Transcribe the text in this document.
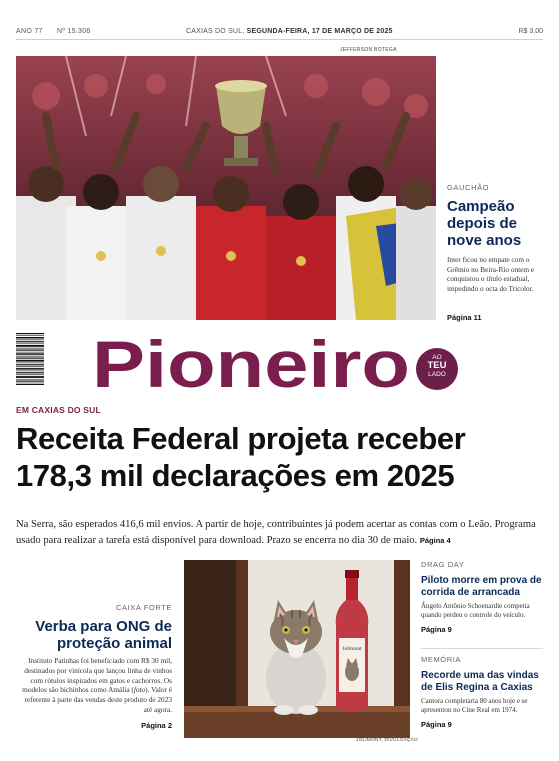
ANO 77 Nº 15.306	CAXIAS DO SUL, SEGUNDA-FEIRA, 17 DE MARÇO DE 2025	R$ 3,00
JEFFERSON BOTEGA
GAUCHÃO
Campeão depois de nove anos
Inter ficou no empate com o Grêmio no Beira-Rio ontem e conquistou o título estadual, impedindo o octa do Tricolor.
Página 11
Pioneiro	AO
TEU
LADO
EM CAXIAS DO SUL
Receita Federal projeta receber
178,3 mil declarações em 2025
Na Serra, são esperados 416,6 mil envios. A partir de hoje, contribuintes já podem acertar as contas com o Leão. Programa usado para realizar a tarefa está disponível para download. Prazo se encerra no dia 30 de maio. Página 4
CAIXA FORTE
Verba para ONG de proteção animal
Instituto Patinhas foi beneficiado com R$ 30 mil, destinados por vinícola que lançou linha de vinhos com rótulos inspirados em gatos e cachorros. Os modelos são bichinhos como Amália (foto). Valor é referente à parte das vendas deste produto de 2023 até agora.
Página 2
Jolimont
JOLIMONT, DIVULGAÇÃO
DRAG DAY
Piloto morre em prova de corrida de arrancada
Ângelo Antônio Schoenardie competia quando perdeu o controle do veículo.
Página 9
MEMÓRIA
Recorde uma das vindas de Elis Regina a Caxias
Cantora completaria 80 anos hoje e se apresentou no Cine Real em 1974.
Página 9
